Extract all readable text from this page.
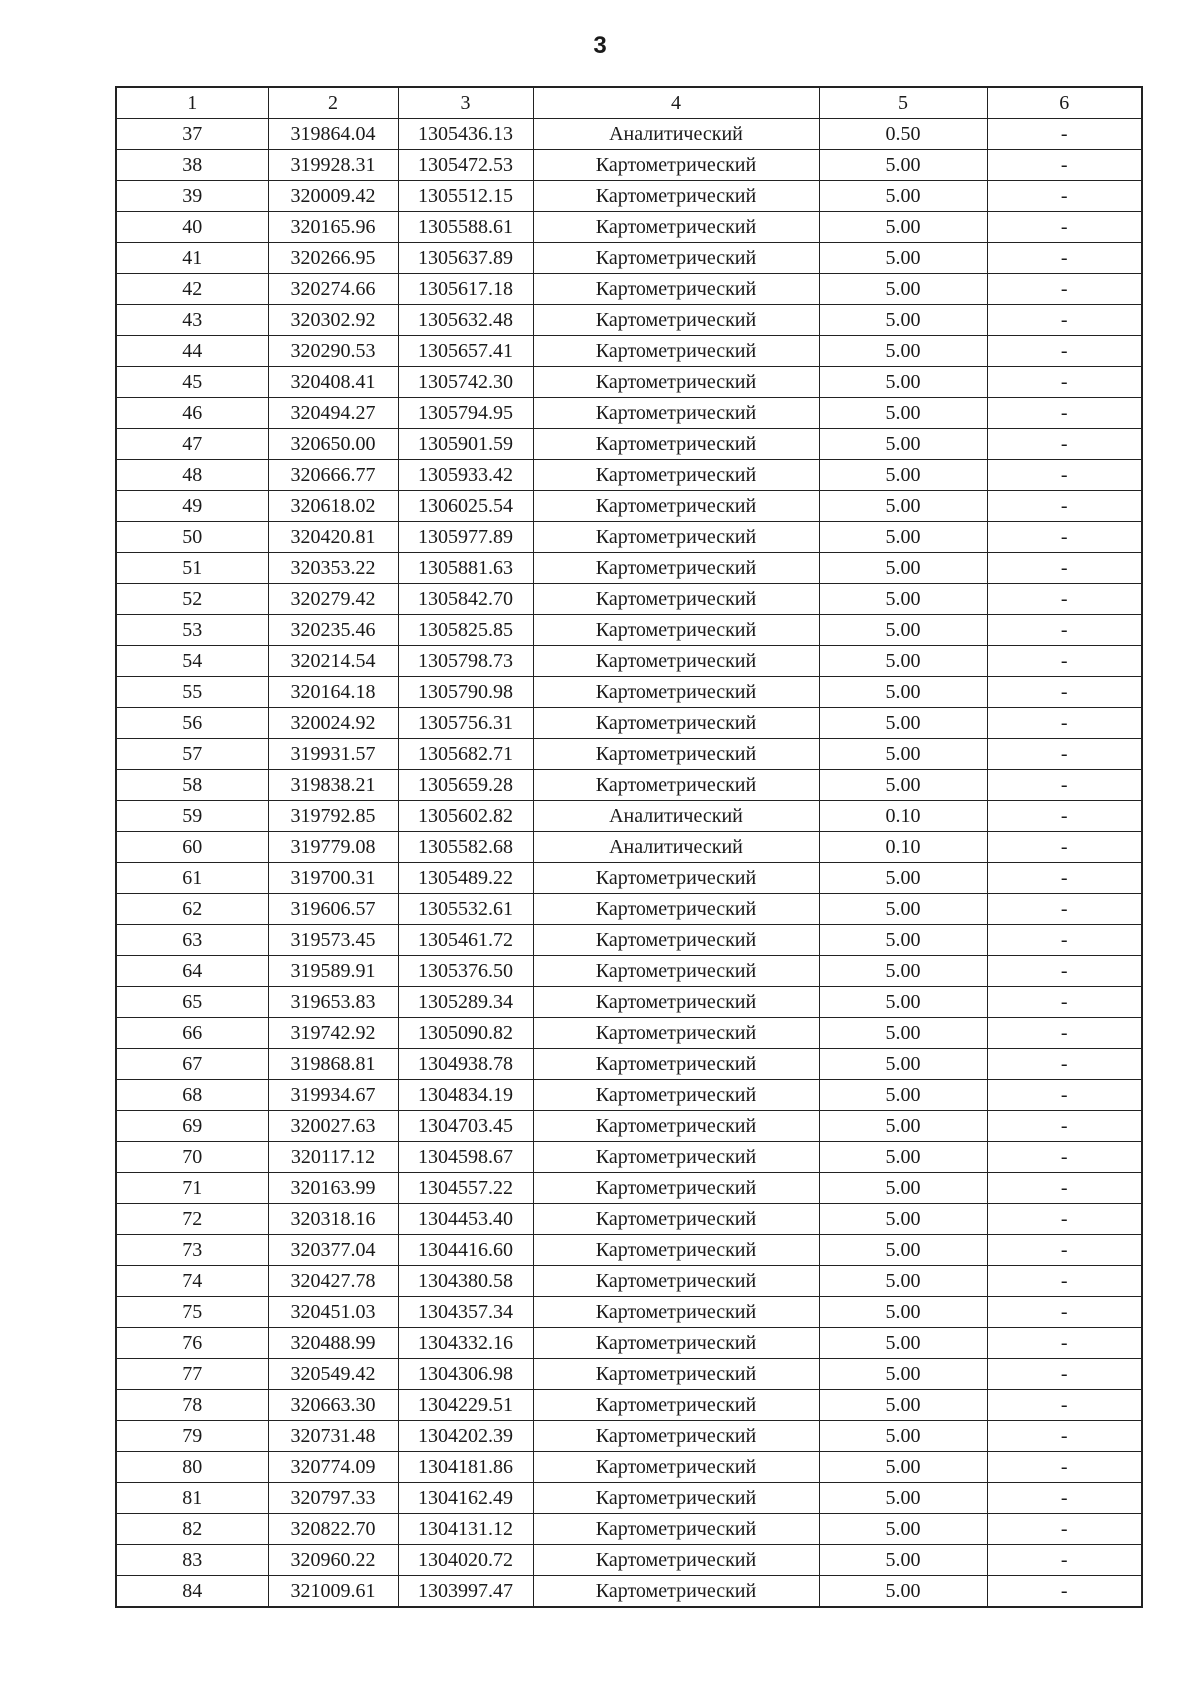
3
1	2	3	4	5	6
37	319864.04	1305436.13	Аналитический	0.50	-
38	319928.31	1305472.53	Картометрический	5.00	-
39	320009.42	1305512.15	Картометрический	5.00	-
40	320165.96	1305588.61	Картометрический	5.00	-
41	320266.95	1305637.89	Картометрический	5.00	-
42	320274.66	1305617.18	Картометрический	5.00	-
43	320302.92	1305632.48	Картометрический	5.00	-
44	320290.53	1305657.41	Картометрический	5.00	-
45	320408.41	1305742.30	Картометрический	5.00	-
46	320494.27	1305794.95	Картометрический	5.00	-
47	320650.00	1305901.59	Картометрический	5.00	-
48	320666.77	1305933.42	Картометрический	5.00	-
49	320618.02	1306025.54	Картометрический	5.00	-
50	320420.81	1305977.89	Картометрический	5.00	-
51	320353.22	1305881.63	Картометрический	5.00	-
52	320279.42	1305842.70	Картометрический	5.00	-
53	320235.46	1305825.85	Картометрический	5.00	-
54	320214.54	1305798.73	Картометрический	5.00	-
55	320164.18	1305790.98	Картометрический	5.00	-
56	320024.92	1305756.31	Картометрический	5.00	-
57	319931.57	1305682.71	Картометрический	5.00	-
58	319838.21	1305659.28	Картометрический	5.00	-
59	319792.85	1305602.82	Аналитический	0.10	-
60	319779.08	1305582.68	Аналитический	0.10	-
61	319700.31	1305489.22	Картометрический	5.00	-
62	319606.57	1305532.61	Картометрический	5.00	-
63	319573.45	1305461.72	Картометрический	5.00	-
64	319589.91	1305376.50	Картометрический	5.00	-
65	319653.83	1305289.34	Картометрический	5.00	-
66	319742.92	1305090.82	Картометрический	5.00	-
67	319868.81	1304938.78	Картометрический	5.00	-
68	319934.67	1304834.19	Картометрический	5.00	-
69	320027.63	1304703.45	Картометрический	5.00	-
70	320117.12	1304598.67	Картометрический	5.00	-
71	320163.99	1304557.22	Картометрический	5.00	-
72	320318.16	1304453.40	Картометрический	5.00	-
73	320377.04	1304416.60	Картометрический	5.00	-
74	320427.78	1304380.58	Картометрический	5.00	-
75	320451.03	1304357.34	Картометрический	5.00	-
76	320488.99	1304332.16	Картометрический	5.00	-
77	320549.42	1304306.98	Картометрический	5.00	-
78	320663.30	1304229.51	Картометрический	5.00	-
79	320731.48	1304202.39	Картометрический	5.00	-
80	320774.09	1304181.86	Картометрический	5.00	-
81	320797.33	1304162.49	Картометрический	5.00	-
82	320822.70	1304131.12	Картометрический	5.00	-
83	320960.22	1304020.72	Картометрический	5.00	-
84	321009.61	1303997.47	Картометрический	5.00	-
